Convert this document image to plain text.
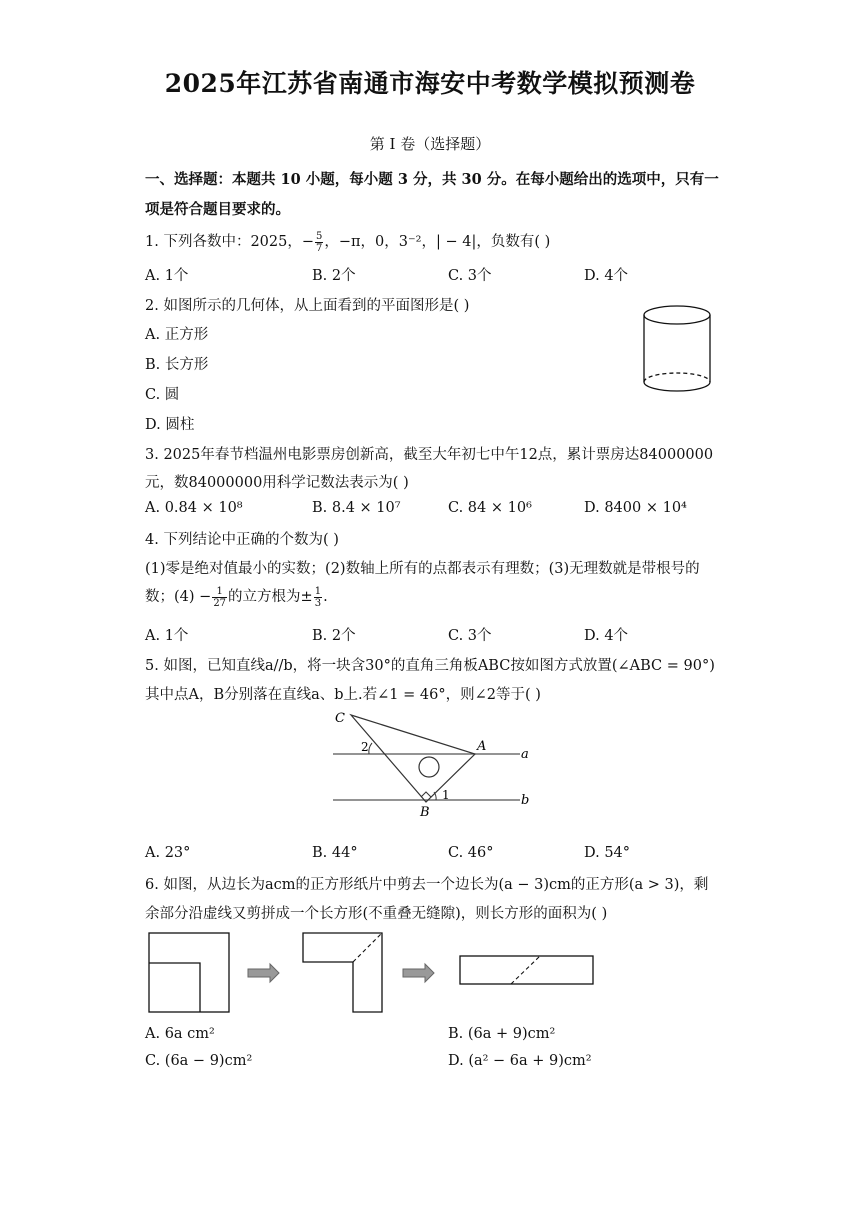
2025年江苏省南通市海安中考数学模拟预测卷
第 I 卷（选择题）
一、选择题：本题共 10 小题，每小题 3 分，共 30 分。在每小题给出的选项中，只有一
项是符合题目要求的。
1. 下列各数中：2025，− $\frac{5}{7}$ ，−π，0，3⁻²，| − 4|，负数有( )
A. 1个	B. 2个	C. 3个	D. 4个
2. 如图所示的几何体，从上面看到的平面图形是( )
A. 正方形
B. 长方形
C. 圆
D. 圆柱
3. 2025年春节档温州电影票房创新高，截至大年初七中午12点，累计票房达84000000
元，数84000000用科学记数法表示为( )
A. 0.84 × 10⁸	B. 8.4 × 10⁷	C. 84 × 10⁶	D. 8400 × 10⁴
4. 下列结论中正确的个数为( )
(1)零是绝对值最小的实数；(2)数轴上所有的点都表示有理数；(3)无理数就是带根号的
数；$(4) - \frac{1}{27}$ 的立方根为± $\frac{1}{3}$ .
A. 1个	B. 2个	C. 3个	D. 4个
5. 如图，已知直线a//b，将一块含30°的直角三角板ABC按如图方式放置(∠ABC = 90°)
其中点A，B分别落在直线a、b上.若∠1 = 46°，则∠2等于( )
C
A
B
a
b
1
2
A. 23°	B. 44°	C. 46°	D. 54°
6. 如图，从边长为acm的正方形纸片中剪去一个边长为(a − 3)cm的正方形(a > 3)，剩
余部分沿虚线又剪拼成一个长方形(不重叠无缝隙)，则长方形的面积为( )
A. 6a cm²	B. (6a + 9)cm²
C. (6a − 9)cm²	D. (a² − 6a + 9)cm²
